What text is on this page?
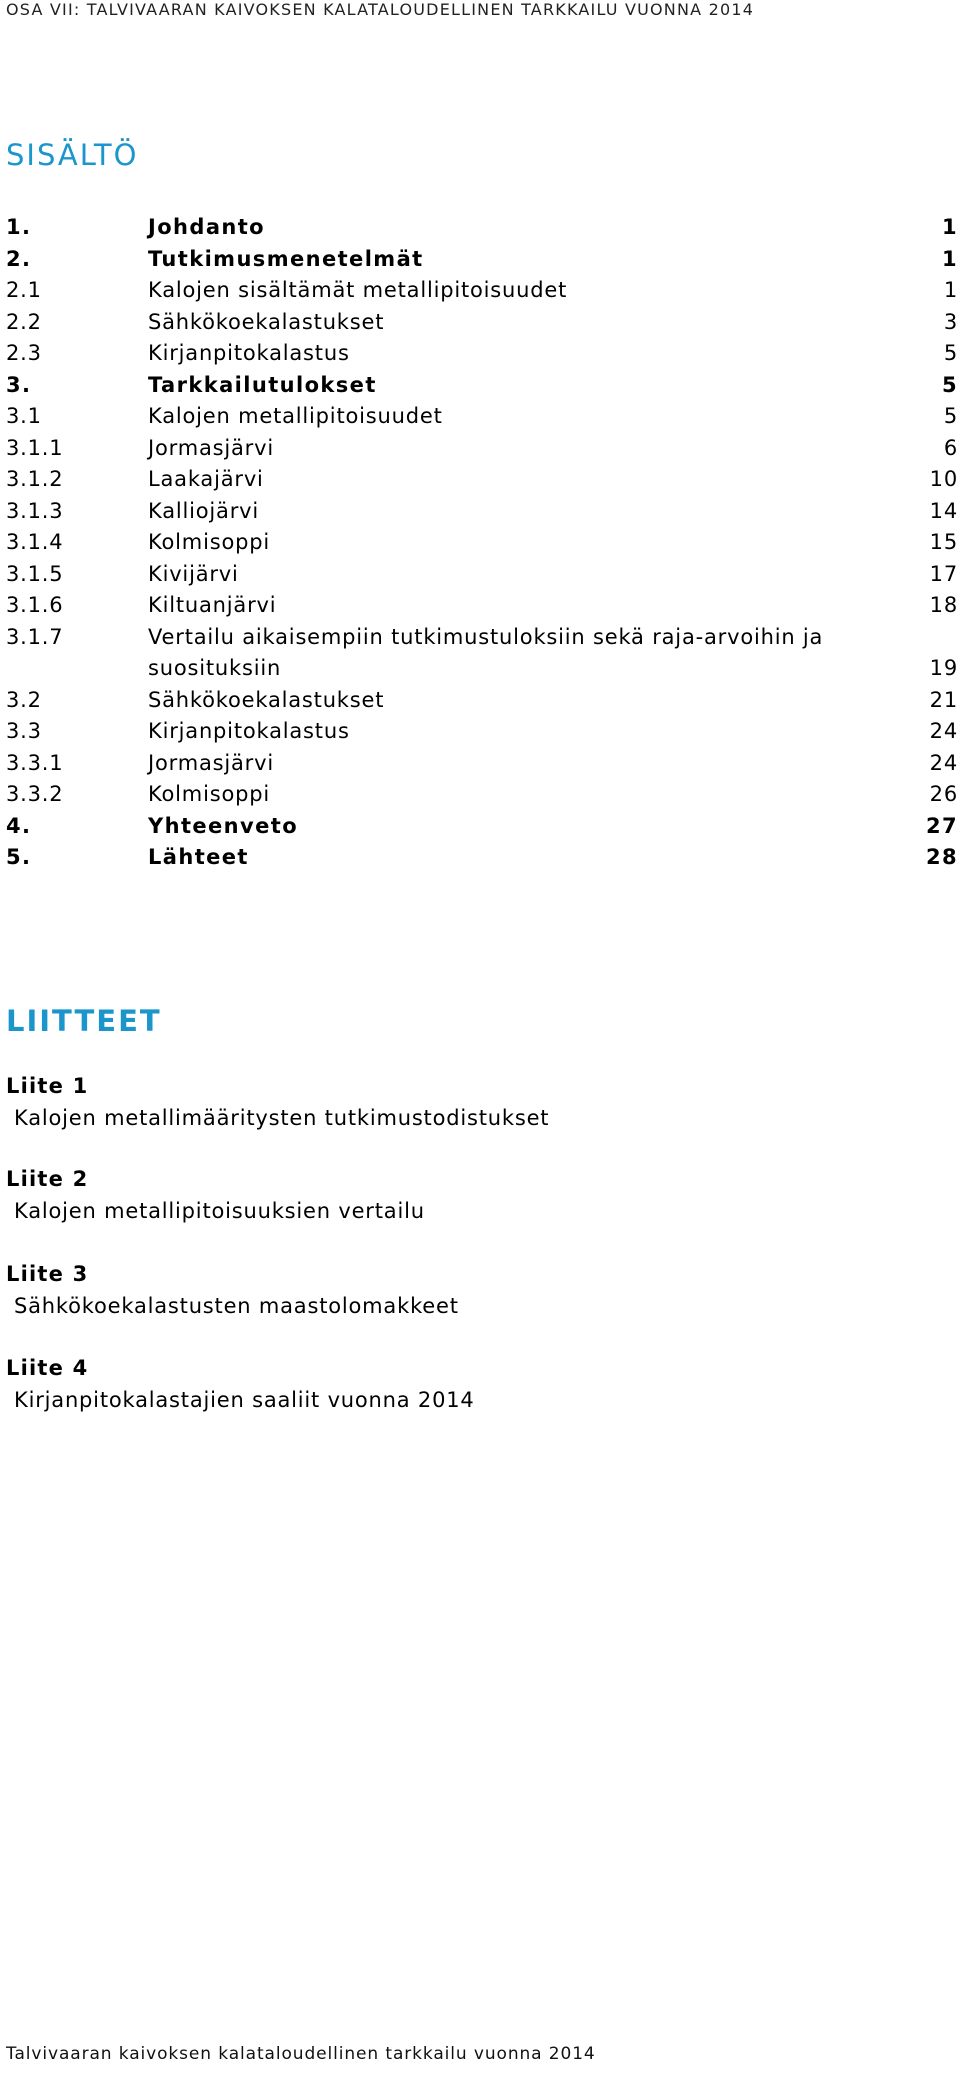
OSA VII: TALVIVAARAN KAIVOKSEN KALATALOUDELLINEN TARKKAILU VUONNA 2014
SISÄLTÖ
1.	Johdanto	1
2.	Tutkimusmenetelmät	1
2.1	Kalojen sisältämät metallipitoisuudet	1
2.2	Sähkökoekalastukset	3
2.3	Kirjanpitokalastus	5
3.	Tarkkailutulokset	5
3.1	Kalojen metallipitoisuudet	5
3.1.1	Jormasjärvi	6
3.1.2	Laakajärvi	10
3.1.3	Kalliojärvi	14
3.1.4	Kolmisoppi	15
3.1.5	Kivijärvi	17
3.1.6	Kiltuanjärvi	18
3.1.7	Vertailu aikaisempiin tutkimustuloksiin sekä raja-arvoihin ja suosituksiin	19
3.2	Sähkökoekalastukset	21
3.3	Kirjanpitokalastus	24
3.3.1	Jormasjärvi	24
3.3.2	Kolmisoppi	26
4.	Yhteenveto	27
5.	Lähteet	28
LIITTEET
Liite 1
Kalojen metallimääritysten tutkimustodistukset
Liite 2
Kalojen metallipitoisuuksien vertailu
Liite 3
Sähkökoekalastusten maastolomakkeet
Liite 4
Kirjanpitokalastajien saaliit vuonna 2014
Talvivaaran kaivoksen kalataloudellinen tarkkailu vuonna 2014
